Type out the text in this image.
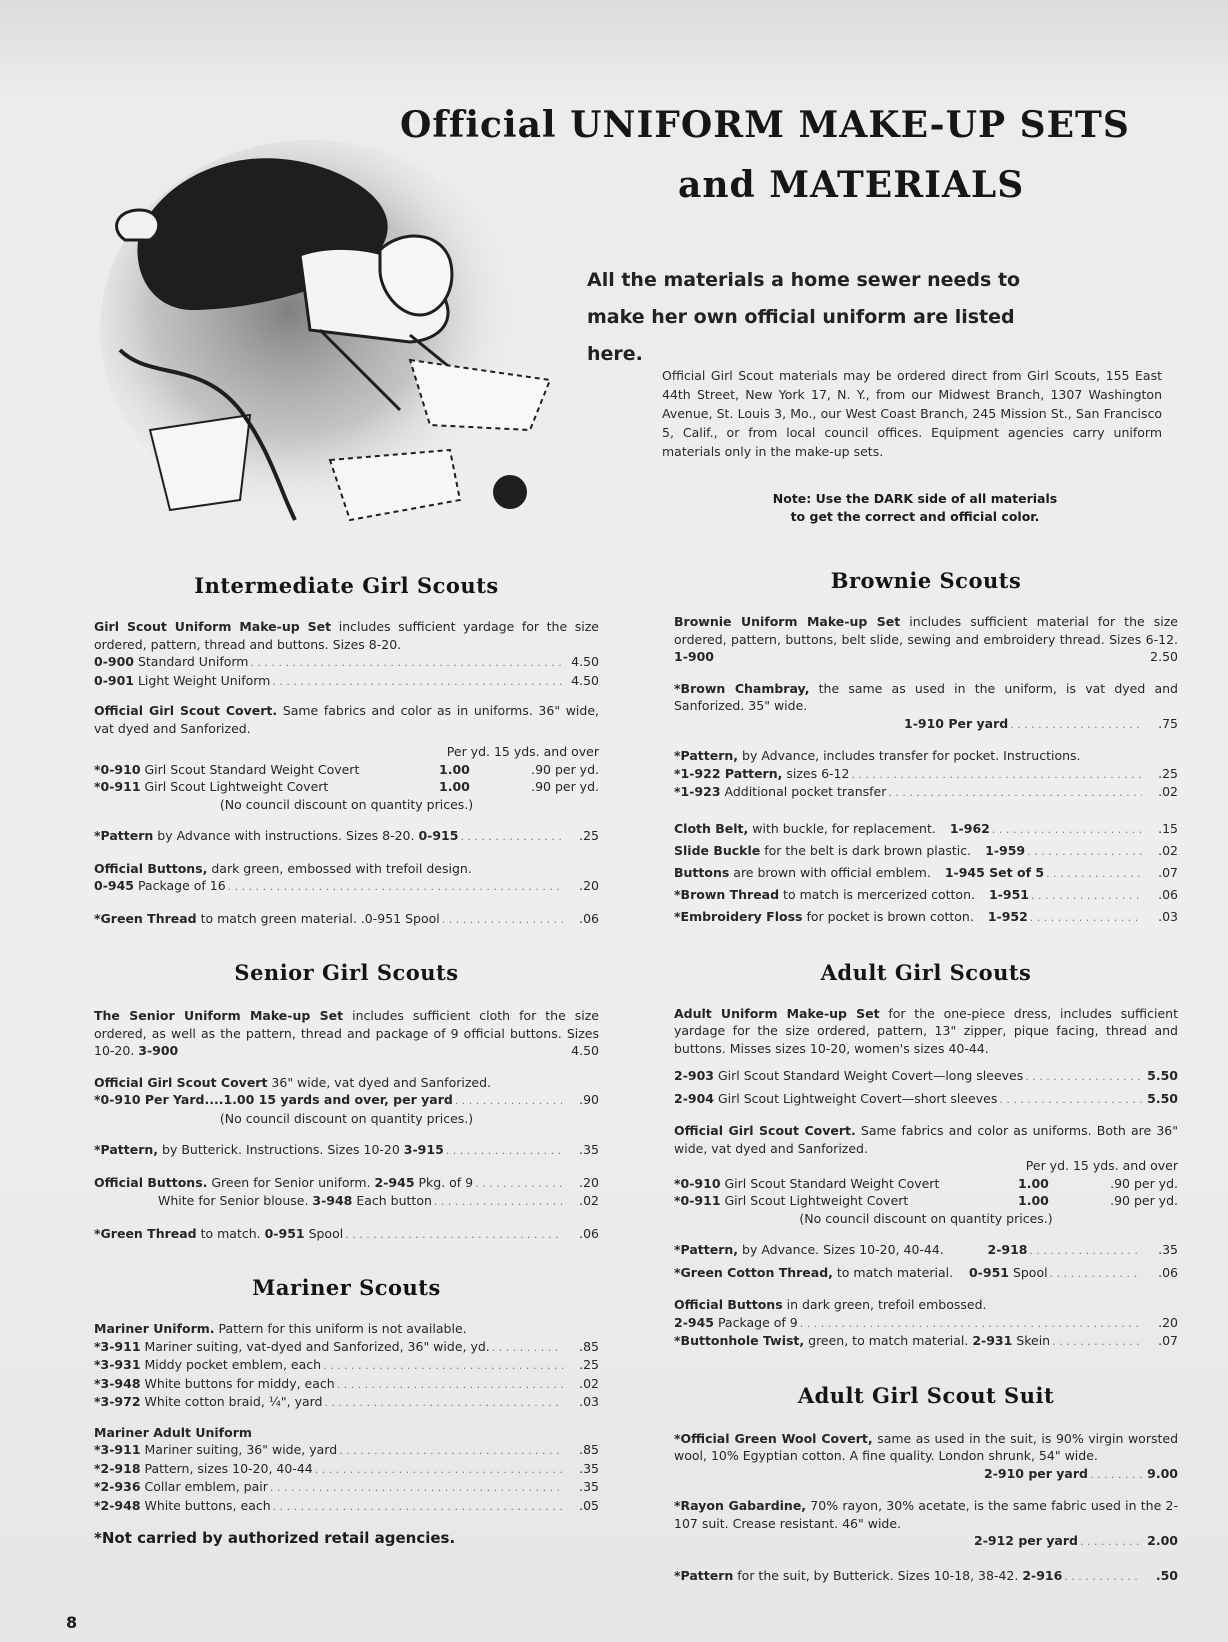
Official UNIFORM MAKE-UP SETS
and MATERIALS
All the materials a home sewer needs to
make her own official uniform are listed here.
Official Girl Scout materials may be ordered direct from Girl Scouts, 155 East 44th Street, New York 17, N. Y., from our Midwest Branch, 1307 Washington Avenue, St. Louis 3, Mo., our West Coast Branch, 245 Mission St., San Francisco 5, Calif., or from local council offices. Equipment agencies carry uniform materials only in the make-up sets.
Note: Use the DARK side of all materials
to get the correct and official color.
Intermediate Girl Scouts
Girl Scout Uniform Make-up Set includes sufficient yardage for the size ordered, pattern, thread and buttons. Sizes 8-20.
0-900 Standard Uniform . . .	4.50
0-901 Light Weight Uniform . . .	4.50
Official Girl Scout Covert. Same fabrics and color as in uniforms. 36" wide, vat dyed and Sanforized.
Per yd. 15 yds. and over
*0-910 Girl Scout Standard Weight Covert	1.00	.90 per yd.
*0-911 Girl Scout Lightweight Covert	1.00	.90 per yd.
(No council discount on quantity prices.)
*Pattern by Advance with instructions. Sizes 8-20. 0-915 . . .	.25
Official Buttons, dark green, embossed with trefoil design.
0-945 Package of 16 . . .	.20
*Green Thread to match green material. .0-951 Spool . . .	.06
Senior Girl Scouts
The Senior Uniform Make-up Set includes sufficient cloth for the size ordered, as well as the pattern, thread and package of 9 official buttons. Sizes 10-20. 3-900	4.50
Official Girl Scout Covert 36" wide, vat dyed and Sanforized.
*0-910 Per Yard....1.00 15 yards and over, per yard . . .	.90
(No council discount on quantity prices.)
*Pattern, by Butterick. Instructions. Sizes 10-20 3-915 . . .	.35
Official Buttons. Green for Senior uniform. 2-945 Pkg. of 9 . . .	.20
White for Senior blouse. 3-948 Each button . . .	.02
*Green Thread to match. 0-951 Spool . . .	.06
Mariner Scouts
Mariner Uniform. Pattern for this uniform is not available.
*3-911 Mariner suiting, vat-dyed and Sanforized, 36" wide, yd. . . .	.85
*3-931 Middy pocket emblem, each . . .	.25
*3-948 White buttons for middy, each . . .	.02
*3-972 White cotton braid, ¼", yard . . .	.03
Mariner Adult Uniform
*3-911 Mariner suiting, 36" wide, yard . . .	.85
*2-918 Pattern, sizes 10-20, 40-44 . . .	.35
*2-936 Collar emblem, pair . . .	.35
*2-948 White buttons, each . . .	.05
*Not carried by authorized retail agencies.
Brownie Scouts
Brownie Uniform Make-up Set includes sufficient material for the size ordered, pattern, buttons, belt slide, sewing and embroidery thread. Sizes 6-12. 1-900	2.50
*Brown Chambray, the same as used in the uniform, is vat dyed and Sanforized. 35" wide.
1-910 Per yard . . .	.75
*Pattern, by Advance, includes transfer for pocket. Instructions.
*1-922 Pattern, sizes 6-12 . . .	.25
*1-923 Additional pocket transfer . . .	.02
Cloth Belt, with buckle, for replacement. 1-962 . . .	.15
Slide Buckle for the belt is dark brown plastic. 1-959 . . .	.02
Buttons are brown with official emblem. 1-945 Set of 5 . . .	.07
*Brown Thread to match is mercerized cotton. 1-951 . . .	.06
*Embroidery Floss for pocket is brown cotton. 1-952 . . .	.03
Adult Girl Scouts
Adult Uniform Make-up Set for the one-piece dress, includes sufficient yardage for the size ordered, pattern, 13" zipper, pique facing, thread and buttons. Misses sizes 10-20, women's sizes 40-44.
2-903 Girl Scout Standard Weight Covert—long sleeves . . .	5.50
2-904 Girl Scout Lightweight Covert—short sleeves . . .	5.50
Official Girl Scout Covert. Same fabrics and color as uniforms. Both are 36" wide, vat dyed and Sanforized.
Per yd. 15 yds. and over
*0-910 Girl Scout Standard Weight Covert	1.00	.90 per yd.
*0-911 Girl Scout Lightweight Covert	1.00	.90 per yd.
(No council discount on quantity prices.)
*Pattern, by Advance. Sizes 10-20, 40-44.	2-918 . . .	.35
*Green Cotton Thread, to match material. 0-951 Spool . . .	.06
Official Buttons in dark green, trefoil embossed.
2-945 Package of 9 . . .	.20
*Buttonhole Twist, green, to match material. 2-931 Skein . . .	.07
Adult Girl Scout Suit
*Official Green Wool Covert, same as used in the suit, is 90% virgin worsted wool, 10% Egyptian cotton. A fine quality. London shrunk, 54" wide.
2-910 per yard . . .	9.00
*Rayon Gabardine, 70% rayon, 30% acetate, is the same fabric used in the 2-107 suit. Crease resistant. 46" wide.
2-912 per yard . . .	2.00
*Pattern for the suit, by Butterick. Sizes 10-18, 38-42. 2-916 . . .	.50
8
